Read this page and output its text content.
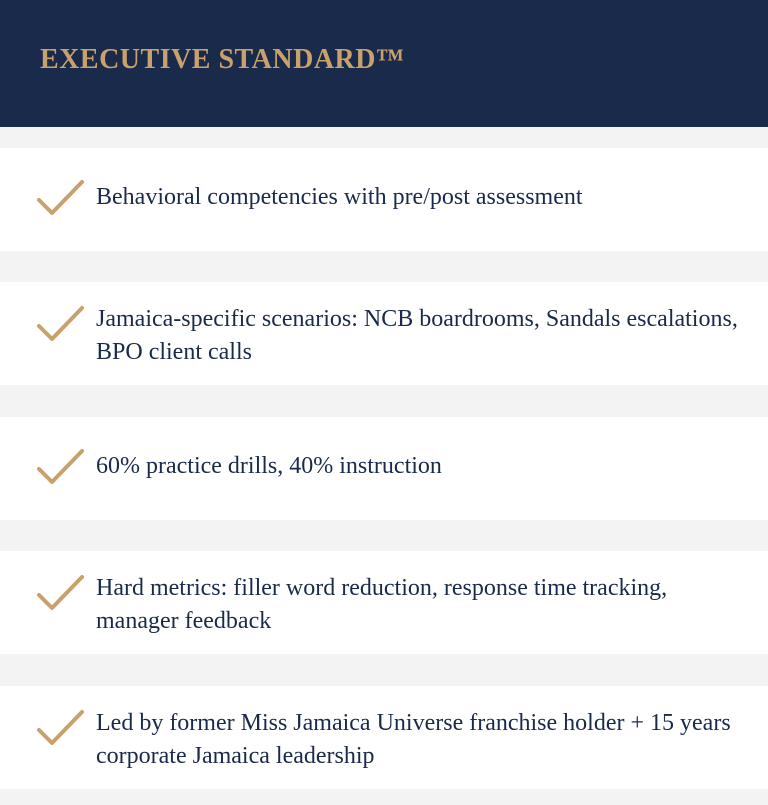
EXECUTIVE STANDARD™
Behavioral competencies with pre/post assessment
Jamaica-specific scenarios: NCB boardrooms, Sandals escalations, BPO client calls
60% practice drills, 40% instruction
Hard metrics: filler word reduction, response time tracking, manager feedback
Led by former Miss Jamaica Universe franchise holder + 15 years corporate Jamaica leadership
